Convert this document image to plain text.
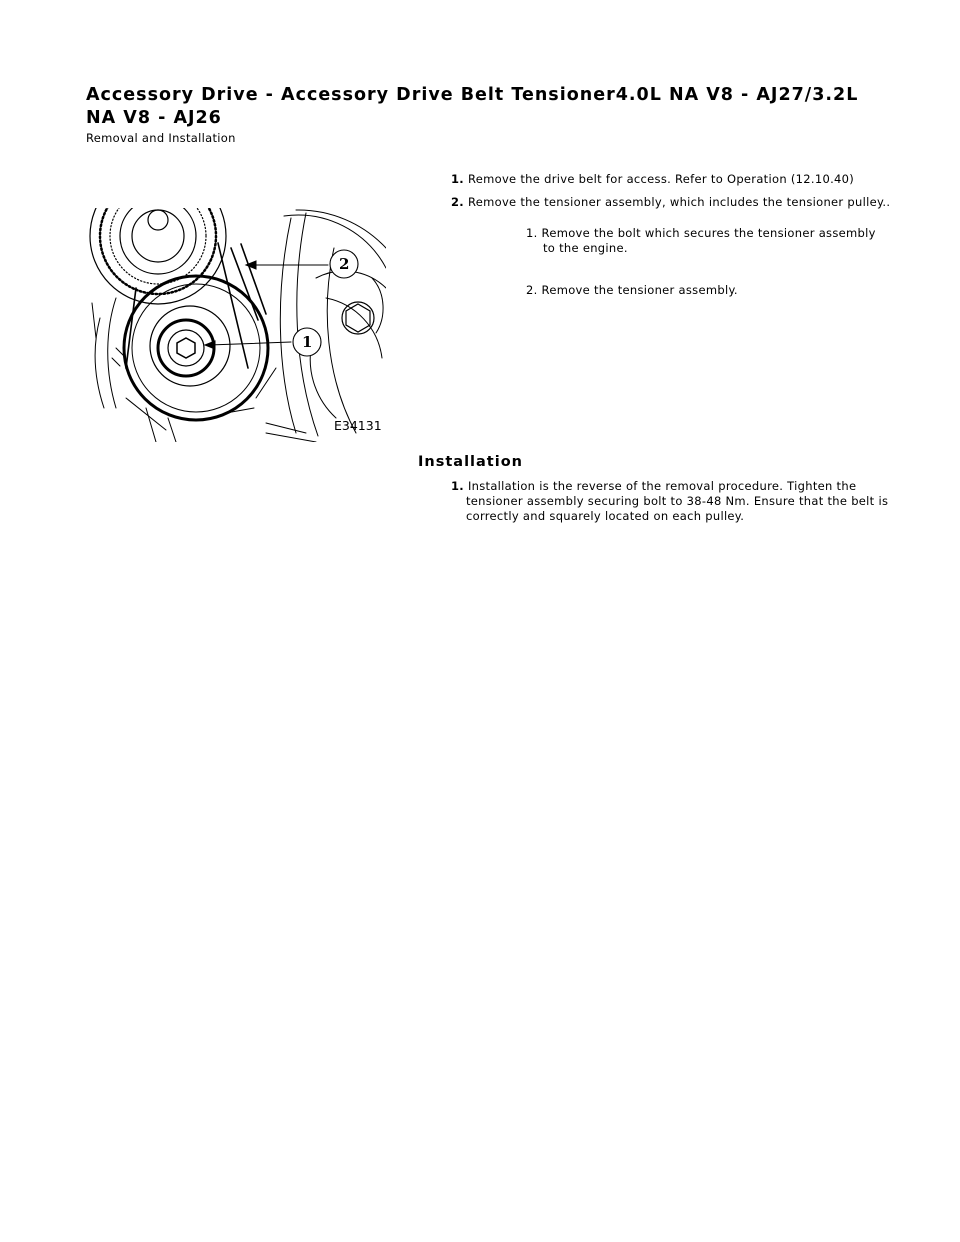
Accessory Drive - Accessory Drive Belt Tensioner4.0L NA V8 - AJ27/3.2L NA V8 - AJ26

Removal and Installation

2
1
E34131
1. Remove the drive belt for access. Refer to Operation (12.10.40)
2. Remove the tensioner assembly, which includes the tensioner pulley..
1. Remove the bolt which secures the tensioner assembly to the engine.
2. Remove the tensioner assembly.
Installation
1. Installation is the reverse of the removal procedure. Tighten the tensioner assembly securing bolt to 38-48 Nm. Ensure that the belt is correctly and squarely located on each pulley.
